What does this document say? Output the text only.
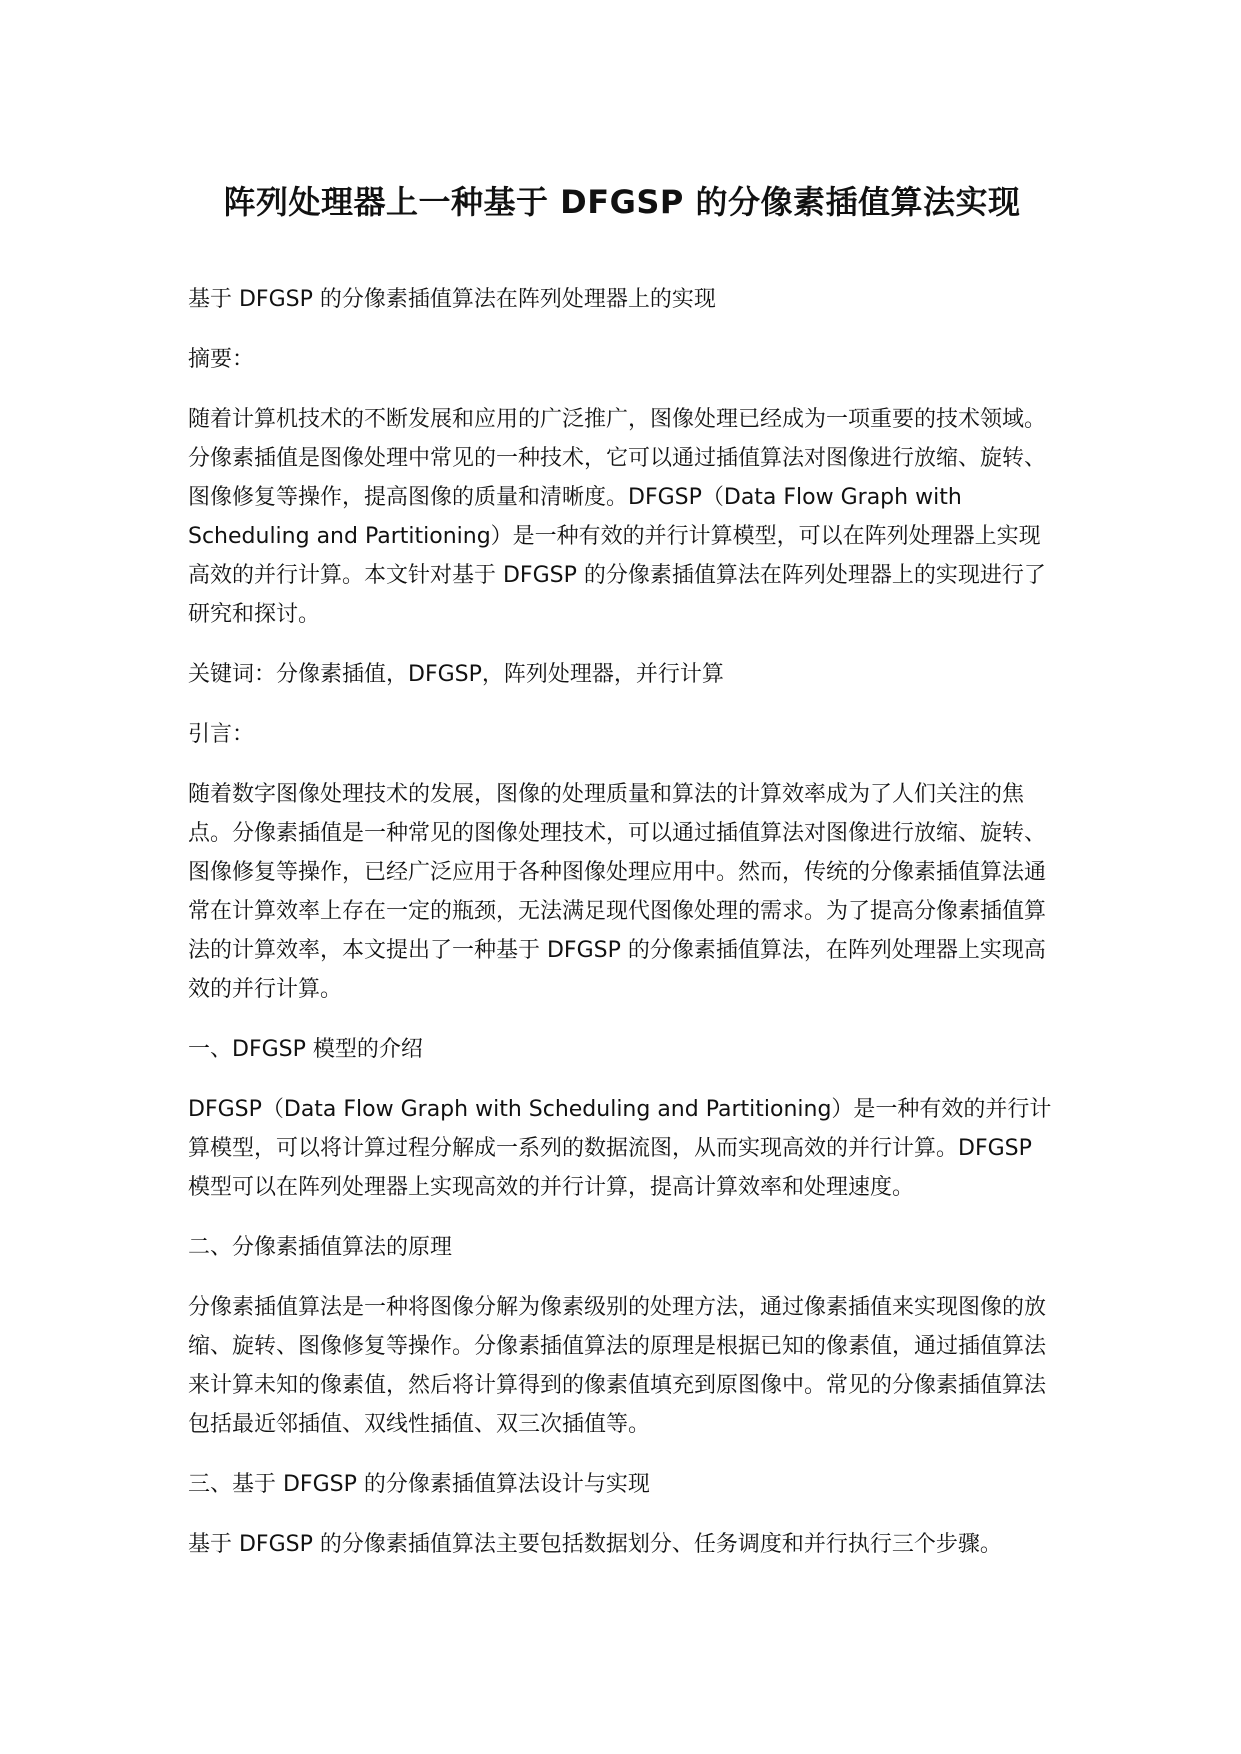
阵列处理器上一种基于 DFGSP 的分像素插值算法实现

基于 DFGSP 的分像素插值算法在阵列处理器上的实现

摘要：

随着计算机技术的不断发展和应用的广泛推广，图像处理已经成为一项重要的技术领域。分像素插值是图像处理中常见的一种技术，它可以通过插值算法对图像进行放缩、旋转、图像修复等操作，提高图像的质量和清晰度。DFGSP（Data Flow Graph with Scheduling and Partitioning）是一种有效的并行计算模型，可以在阵列处理器上实现高效的并行计算。本文针对基于 DFGSP 的分像素插值算法在阵列处理器上的实现进行了研究和探讨。

关键词：分像素插值，DFGSP，阵列处理器，并行计算

引言：

随着数字图像处理技术的发展，图像的处理质量和算法的计算效率成为了人们关注的焦点。分像素插值是一种常见的图像处理技术，可以通过插值算法对图像进行放缩、旋转、图像修复等操作，已经广泛应用于各种图像处理应用中。然而，传统的分像素插值算法通常在计算效率上存在一定的瓶颈，无法满足现代图像处理的需求。为了提高分像素插值算法的计算效率，本文提出了一种基于 DFGSP 的分像素插值算法，在阵列处理器上实现高效的并行计算。

一、DFGSP 模型的介绍

DFGSP（Data Flow Graph with Scheduling and Partitioning）是一种有效的并行计算模型，可以将计算过程分解成一系列的数据流图，从而实现高效的并行计算。DFGSP 模型可以在阵列处理器上实现高效的并行计算，提高计算效率和处理速度。

二、分像素插值算法的原理

分像素插值算法是一种将图像分解为像素级别的处理方法，通过像素插值来实现图像的放缩、旋转、图像修复等操作。分像素插值算法的原理是根据已知的像素值，通过插值算法来计算未知的像素值，然后将计算得到的像素值填充到原图像中。常见的分像素插值算法包括最近邻插值、双线性插值、双三次插值等。

三、基于 DFGSP 的分像素插值算法设计与实现

基于 DFGSP 的分像素插值算法主要包括数据划分、任务调度和并行执行三个步骤。
